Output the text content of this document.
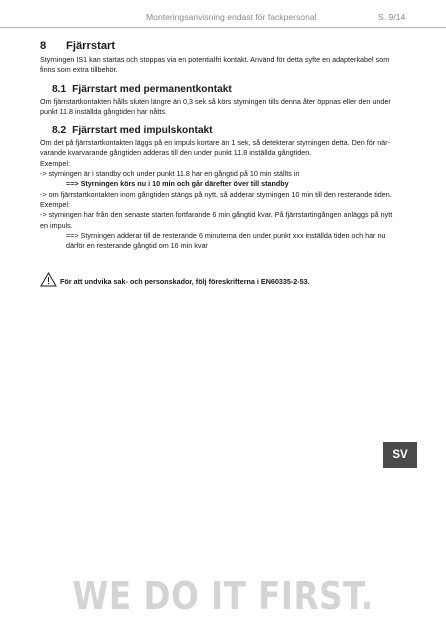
Monteringsanvisning endast för fackpersonal	S. 9/14
8 Fjärrstart

Styrningen IS1 kan startas och stoppas via en potentialfri kontakt. Använd för detta syfte en adapterkabel som

finns som extra tillbehör.

8.1 Fjärrstart med permanentkontakt

Om fjärrstartkontakten hålls sluten längre än 0,3 sek så körs styrningen tills denna åter öppnas eller den under

punkt 11.8 inställda gångtiden har nåtts.

8.2 Fjärrstart med impulskontakt

Om det på fjärrstartkontakten läggs på en impuls kortare än 1 sek, så detekterar styrningen detta. Den för när-

varande kvarvarande gångtiden adderas till den under punkt 11.8 inställda gångtiden.

Exempel:

-> styrningen är i standby och under punkt 11.8 har en gångtid på 10 min ställts in

==> Styrningen körs nu i 10 min och går därefter över till standby

-> om fjärrstartkontakten inom gångtiden stängs på nytt, så adderar styrningen 10 min till den resterande tiden.

Exempel:

-> styrningen har från den senaste starten fortfarande 6 min gångtid kvar. På fjärrstartingången anläggs på nytt

en impuls.

==> Styrningen adderar till de resterande 6 minuterna den under punkt xxx inställda tiden och har nu

därför en resterande gångtid om 16 min kvar

För att undvika sak- och personskador, följ föreskrifterna i EN60335-2-53.
SV
WE DO IT FIRST.
